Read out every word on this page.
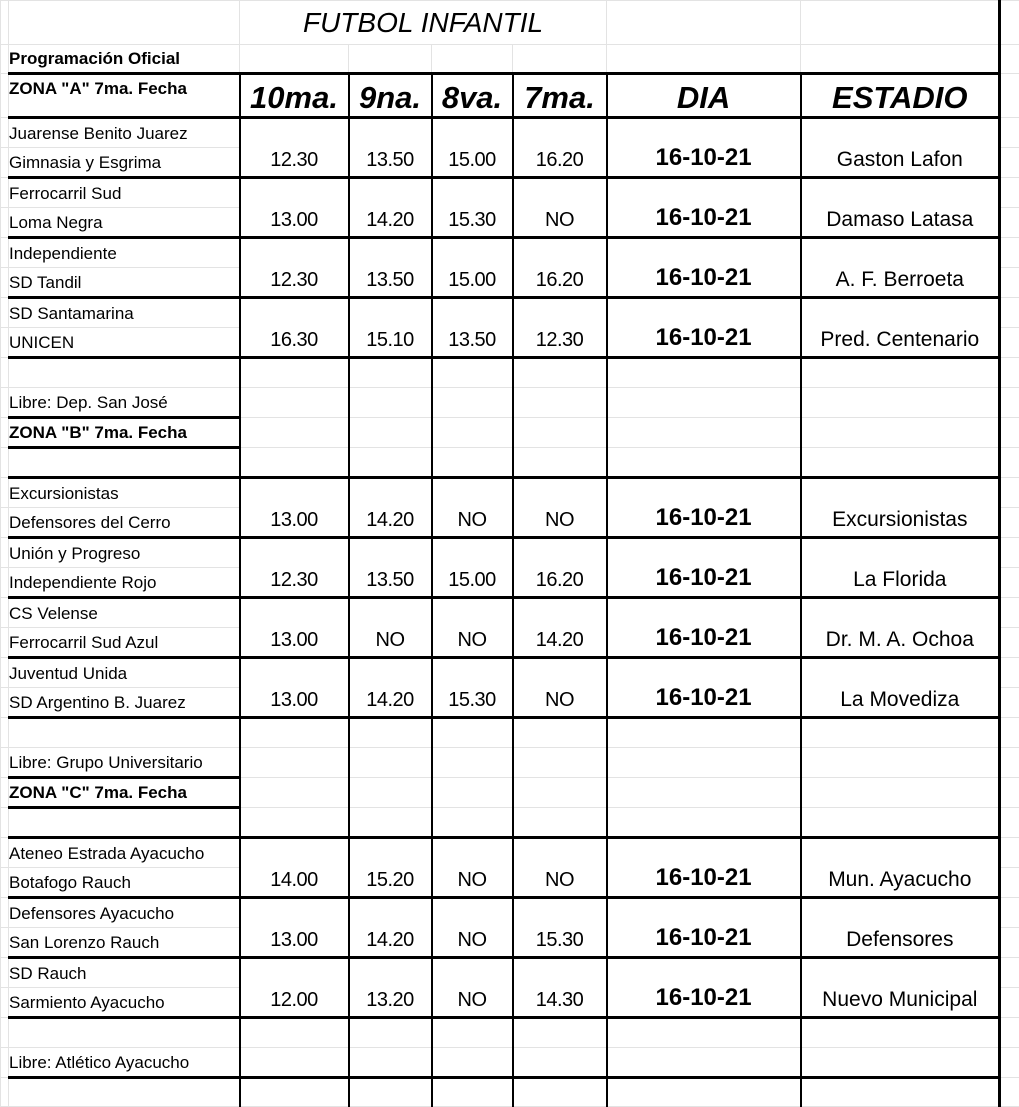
		FUTBOL INFANTIL						
	Programación Oficial							
	ZONA "A" 7ma. Fecha	10ma.	9na.	8va.	7ma.	DIA	ESTADIO	
	Juarense Benito Juarez	12.30	13.50	15.00	16.20	16-10-21	Gaston Lafon	
	Gimnasia y Esgrima							
	Ferrocarril Sud	13.00	14.20	15.30	NO	16-10-21	Damaso Latasa	
	Loma Negra							
	Independiente	12.30	13.50	15.00	16.20	16-10-21	A. F. Berroeta	
	SD Tandil							
	SD Santamarina	16.30	15.10	13.50	12.30	16-10-21	Pred. Centenario	
	UNICEN							

	Libre: Dep. San José							
	ZONA "B" 7ma. Fecha							

	Excursionistas	13.00	14.20	NO	NO	16-10-21	Excursionistas	
	Defensores del Cerro							
	Unión y Progreso	12.30	13.50	15.00	16.20	16-10-21	La Florida	
	Independiente Rojo							
	CS Velense	13.00	NO	NO	14.20	16-10-21	Dr. M. A. Ochoa	
	Ferrocarril Sud Azul							
	Juventud Unida	13.00	14.20	15.30	NO	16-10-21	La Movediza	
	SD Argentino B. Juarez							

	Libre: Grupo Universitario							
	ZONA "C" 7ma. Fecha							

	Ateneo Estrada Ayacucho	14.00	15.20	NO	NO	16-10-21	Mun. Ayacucho	
	Botafogo Rauch							
	Defensores Ayacucho	13.00	14.20	NO	15.30	16-10-21	Defensores	
	San Lorenzo Rauch							
	SD Rauch	12.00	13.20	NO	14.30	16-10-21	Nuevo Municipal	
	Sarmiento Ayacucho							

	Libre: Atlético Ayacucho							
